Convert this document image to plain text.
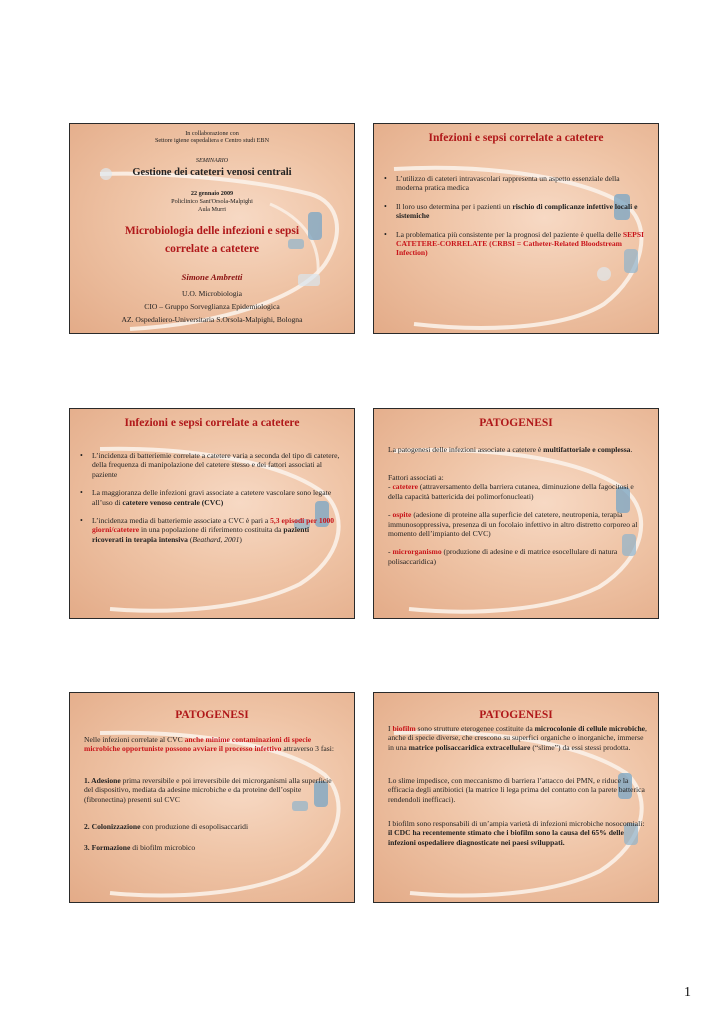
In collaborazione con
Settore igiene ospedaliera e Centro studi EBN
SEMINARIO
Gestione dei cateteri venosi centrali
22 gennaio 2009
Policlinico Sant'Orsola-Malpighi
Aula Murri
Microbiologia delle infezioni e sepsi
correlate a catetere
Simone Ambretti
U.O. Microbiologia
CIO – Gruppo Sorveglianza Epidemiologica
AZ. Ospedaliero-Universitaria S.Orsola-Malpighi, Bologna
Infezioni e sepsi correlate a catetere
• L’utilizzo di cateteri intravascolari rappresenta un aspetto essenziale della moderna pratica medica
• Il loro uso determina per i pazienti un rischio di complicanze infettive locali e sistemiche
• La problematica più consistente per la prognosi del paziente è quella delle SEPSI CATETERE-CORRELATE (CRBSI = Catheter-Related Bloodstream Infection)
Infezioni e sepsi correlate a catetere
• L’incidenza di batteriemie correlate a catetere varia a seconda del tipo di catetere, della frequenza di manipolazione del catetere stesso e dei fattori associati al paziente
• La maggioranza delle infezioni gravi associate a catetere vascolare sono legate all’uso di catetere venoso centrale (CVC)
• L’incidenza media di batteriemie associate a CVC è pari a 5,3 episodi per 1000 giorni/catetere in una popolazione di riferimento costituita da pazienti ricoverati in terapia intensiva (Beathard, 2001)
PATOGENESI
La patogenesi delle infezioni associate a catetere è multifattoriale e complessa.
Fattori associati a:
- catetere (attraversamento della barriera cutanea, diminuzione della fagocitosi e della capacità battericida dei polimorfonucleati)
- ospite (adesione di proteine alla superficie del catetere, neutropenia, terapia immunosoppressiva, presenza di un focolaio infettivo in altro distretto corporeo al momento dell’impianto del CVC)
- microrganismo (produzione di adesine e di matrice esocellulare di natura polisaccaridica)
PATOGENESI
Nelle infezioni correlate al CVC anche minime contaminazioni di specie microbiche opportuniste possono avviare il processo infettivo attraverso 3 fasi:
1. Adesione prima reversibile e poi irreversibile dei microrganismi alla superficie del dispositivo, mediata da adesine microbiche e da proteine dell’ospite (fibronectina) presenti sul CVC
2. Colonizzazione con produzione di esopolisaccaridi
3. Formazione di biofilm microbico
PATOGENESI
I biofilm sono strutture eterogenee costituite da microcolonie di cellule microbiche, anche di specie diverse, che crescono su superfici organiche o inorganiche, immerse in una matrice polisaccaridica extracellulare (“slime”) da essi stessi prodotta.
Lo slime impedisce, con meccanismo di barriera l’attacco dei PMN, e riduce la efficacia degli antibiotici (la matrice li lega prima del contatto con la parete batterica rendendoli inefficaci).
I biofilm sono responsabili di un’ampia varietà di infezioni microbiche nosocomiali: il CDC ha recentemente stimato che i biofilm sono la causa del 65% delle infezioni ospedaliere diagnosticate nei paesi sviluppati.
1
